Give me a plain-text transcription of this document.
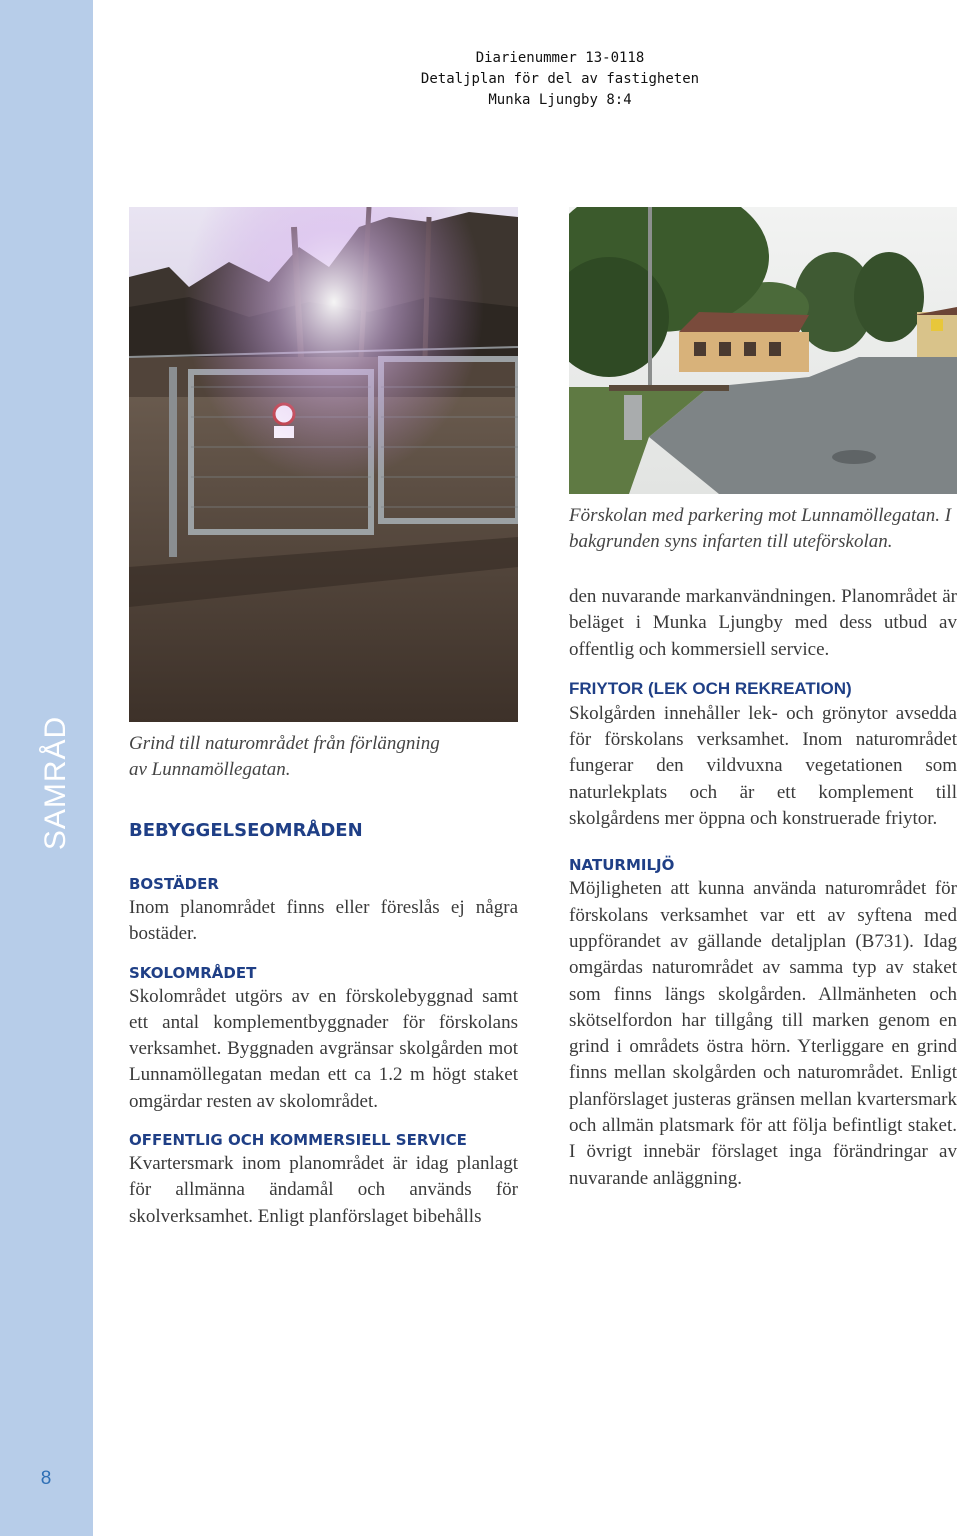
SAMRÅD
8
Diarienummer 13-0118
Detaljplan för del av fastigheten
Munka Ljungby 8:4

Grind till naturområdet från förlängning av Lunnamöllegatan.

BEBYGGELSEOMRÅDEN
BOSTÄDER

Inom planområdet finns eller föreslås ej några bostäder.

SKOLOMRÅDET

Skolområdet utgörs av en förskolebyggnad samt ett antal komplementbyggnader för förskolans verksamhet. Byggnaden avgränsar skolgården mot Lunnamöllegatan medan ett ca 1.2 m högt staket omgärdar resten av skolområdet.

OFFENTLIG OCH KOMMERSIELL SERVICE

Kvartersmark inom planområdet är idag planlagt för allmänna ändamål och används för skolverksamhet. Enligt planförslaget bibehålls

Förskolan med parkering mot Lunnamöllegatan. I bakgrunden syns infarten till uteförskolan.

den nuvarande markanvändningen. Planområdet är beläget i Munka Ljungby med dess utbud av offentlig och kommersiell service.

FRIYTOR (LEK OCH REKREATION)

Skolgården innehåller lek- och grönytor avsedda för förskolans verksamhet. Inom naturområdet fungerar den vildvuxna vegetationen som naturlekplats och är ett komplement till skolgårdens mer öppna och konstruerade friytor.

NATURMILJÖ

Möjligheten att kunna använda naturområdet för förskolans verksamhet var ett av syftena med uppförandet av gällande detaljplan (B731). Idag omgärdas naturområdet av samma typ av staket som finns längs skolgården. Allmänheten och skötselfordon har tillgång till marken genom en grind i områdets östra hörn. Yterliggare en grind finns mellan skolgården och naturområdet. Enligt planförslaget justeras gränsen mellan kvartersmark och allmän platsmark för att följa befintligt staket. I övrigt innebär förslaget inga förändringar av nuvarande anläggning.
